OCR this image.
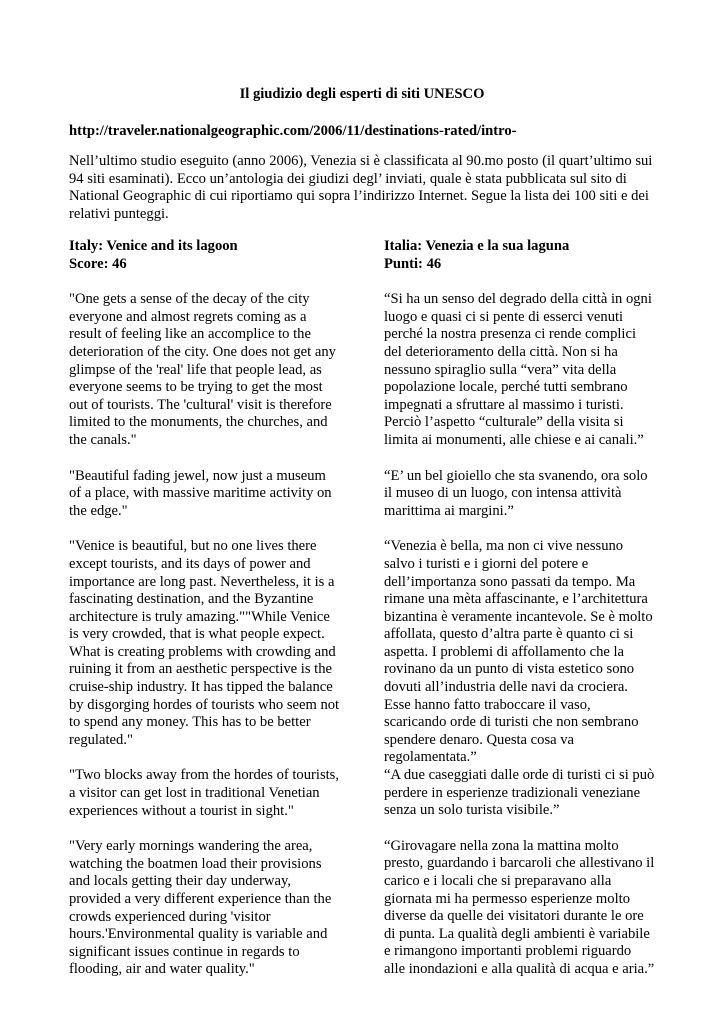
Il giudizio degli esperti di siti UNESCO
http://traveler.nationalgeographic.com/2006/11/destinations-rated/intro-

Nell’ultimo studio eseguito (anno 2006), Venezia si è classificata al 90.mo posto (il quart’ultimo sui 94 siti esaminati). Ecco un’antologia dei giudizi degl’ inviati, quale è stata pubblicata sul sito di National Geographic di cui riportiamo qui sopra l’indirizzo Internet. Segue la lista dei 100 siti e dei relativi punteggi.

Italy: Venice and its lagoon
Score: 46

"One gets a sense of the decay of the city
everyone and almost regrets coming as a
result of feeling like an accomplice to the
deterioration of the city. One does not get any
glimpse of the 'real' life that people lead, as
everyone seems to be trying to get the most
out of tourists. The 'cultural' visit is therefore
limited to the monuments, the churches, and
the canals."

"Beautiful fading jewel, now just a museum
of a place, with massive maritime activity on
the edge."

"Venice is beautiful, but no one lives there
except tourists, and its days of power and
importance are long past. Nevertheless, it is a
fascinating destination, and the Byzantine
architecture is truly amazing.""While Venice
is very crowded, that is what people expect.
What is creating problems with crowding and
ruining it from an aesthetic perspective is the
cruise-ship industry. It has tipped the balance
by disgorging hordes of tourists who seem not
to spend any money. This has to be better
regulated."

"Two blocks away from the hordes of tourists,
a visitor can get lost in traditional Venetian
experiences without a tourist in sight."

"Very early mornings wandering the area,
watching the boatmen load their provisions
and locals getting their day underway,
provided a very different experience than the
crowds experienced during 'visitor
hours.'Environmental quality is variable and
significant issues continue in regards to
flooding, air and water quality."

Italia: Venezia e la sua laguna
Punti: 46

“Si ha un senso del degrado della città in ogni
luogo e quasi ci si pente di esserci venuti
perché la nostra presenza ci rende complici
del deterioramento della città. Non si ha
nessuno spiraglio sulla “vera” vita della
popolazione locale, perché tutti sembrano
impegnati a sfruttare al massimo i turisti.
Perciò l’aspetto “culturale” della visita si
limita ai monumenti, alle chiese e ai canali.”

“E’ un bel gioiello che sta svanendo, ora solo
il museo di un luogo, con intensa attività
marittima ai margini.”

“Venezia è bella, ma non ci vive nessuno
salvo i turisti e i giorni del potere e
dell’importanza sono passati da tempo. Ma
rimane una mèta affascinante, e l’architettura
bizantina è veramente incantevole. Se è molto
affollata, questo d’altra parte è quanto ci si
aspetta. I problemi di affollamento che la
rovinano da un punto di vista estetico sono
dovuti all’industria delle navi da crociera.
Esse hanno fatto traboccare il vaso,
scaricando orde di turisti che non sembrano
spendere denaro. Questa cosa va
regolamentata.”
“A due caseggiati dalle orde di turisti ci si può
perdere in esperienze tradizionali veneziane
senza un solo turista visibile.”

“Girovagare nella zona la mattina molto
presto, guardando i barcaroli che allestivano il
carico e i locali che si preparavano alla
giornata mi ha permesso esperienze molto
diverse da quelle dei visitatori durante le ore
di punta. La qualità degli ambienti è variabile
e rimangono importanti problemi riguardo
alle inondazioni e alla qualità di acqua e aria.”
